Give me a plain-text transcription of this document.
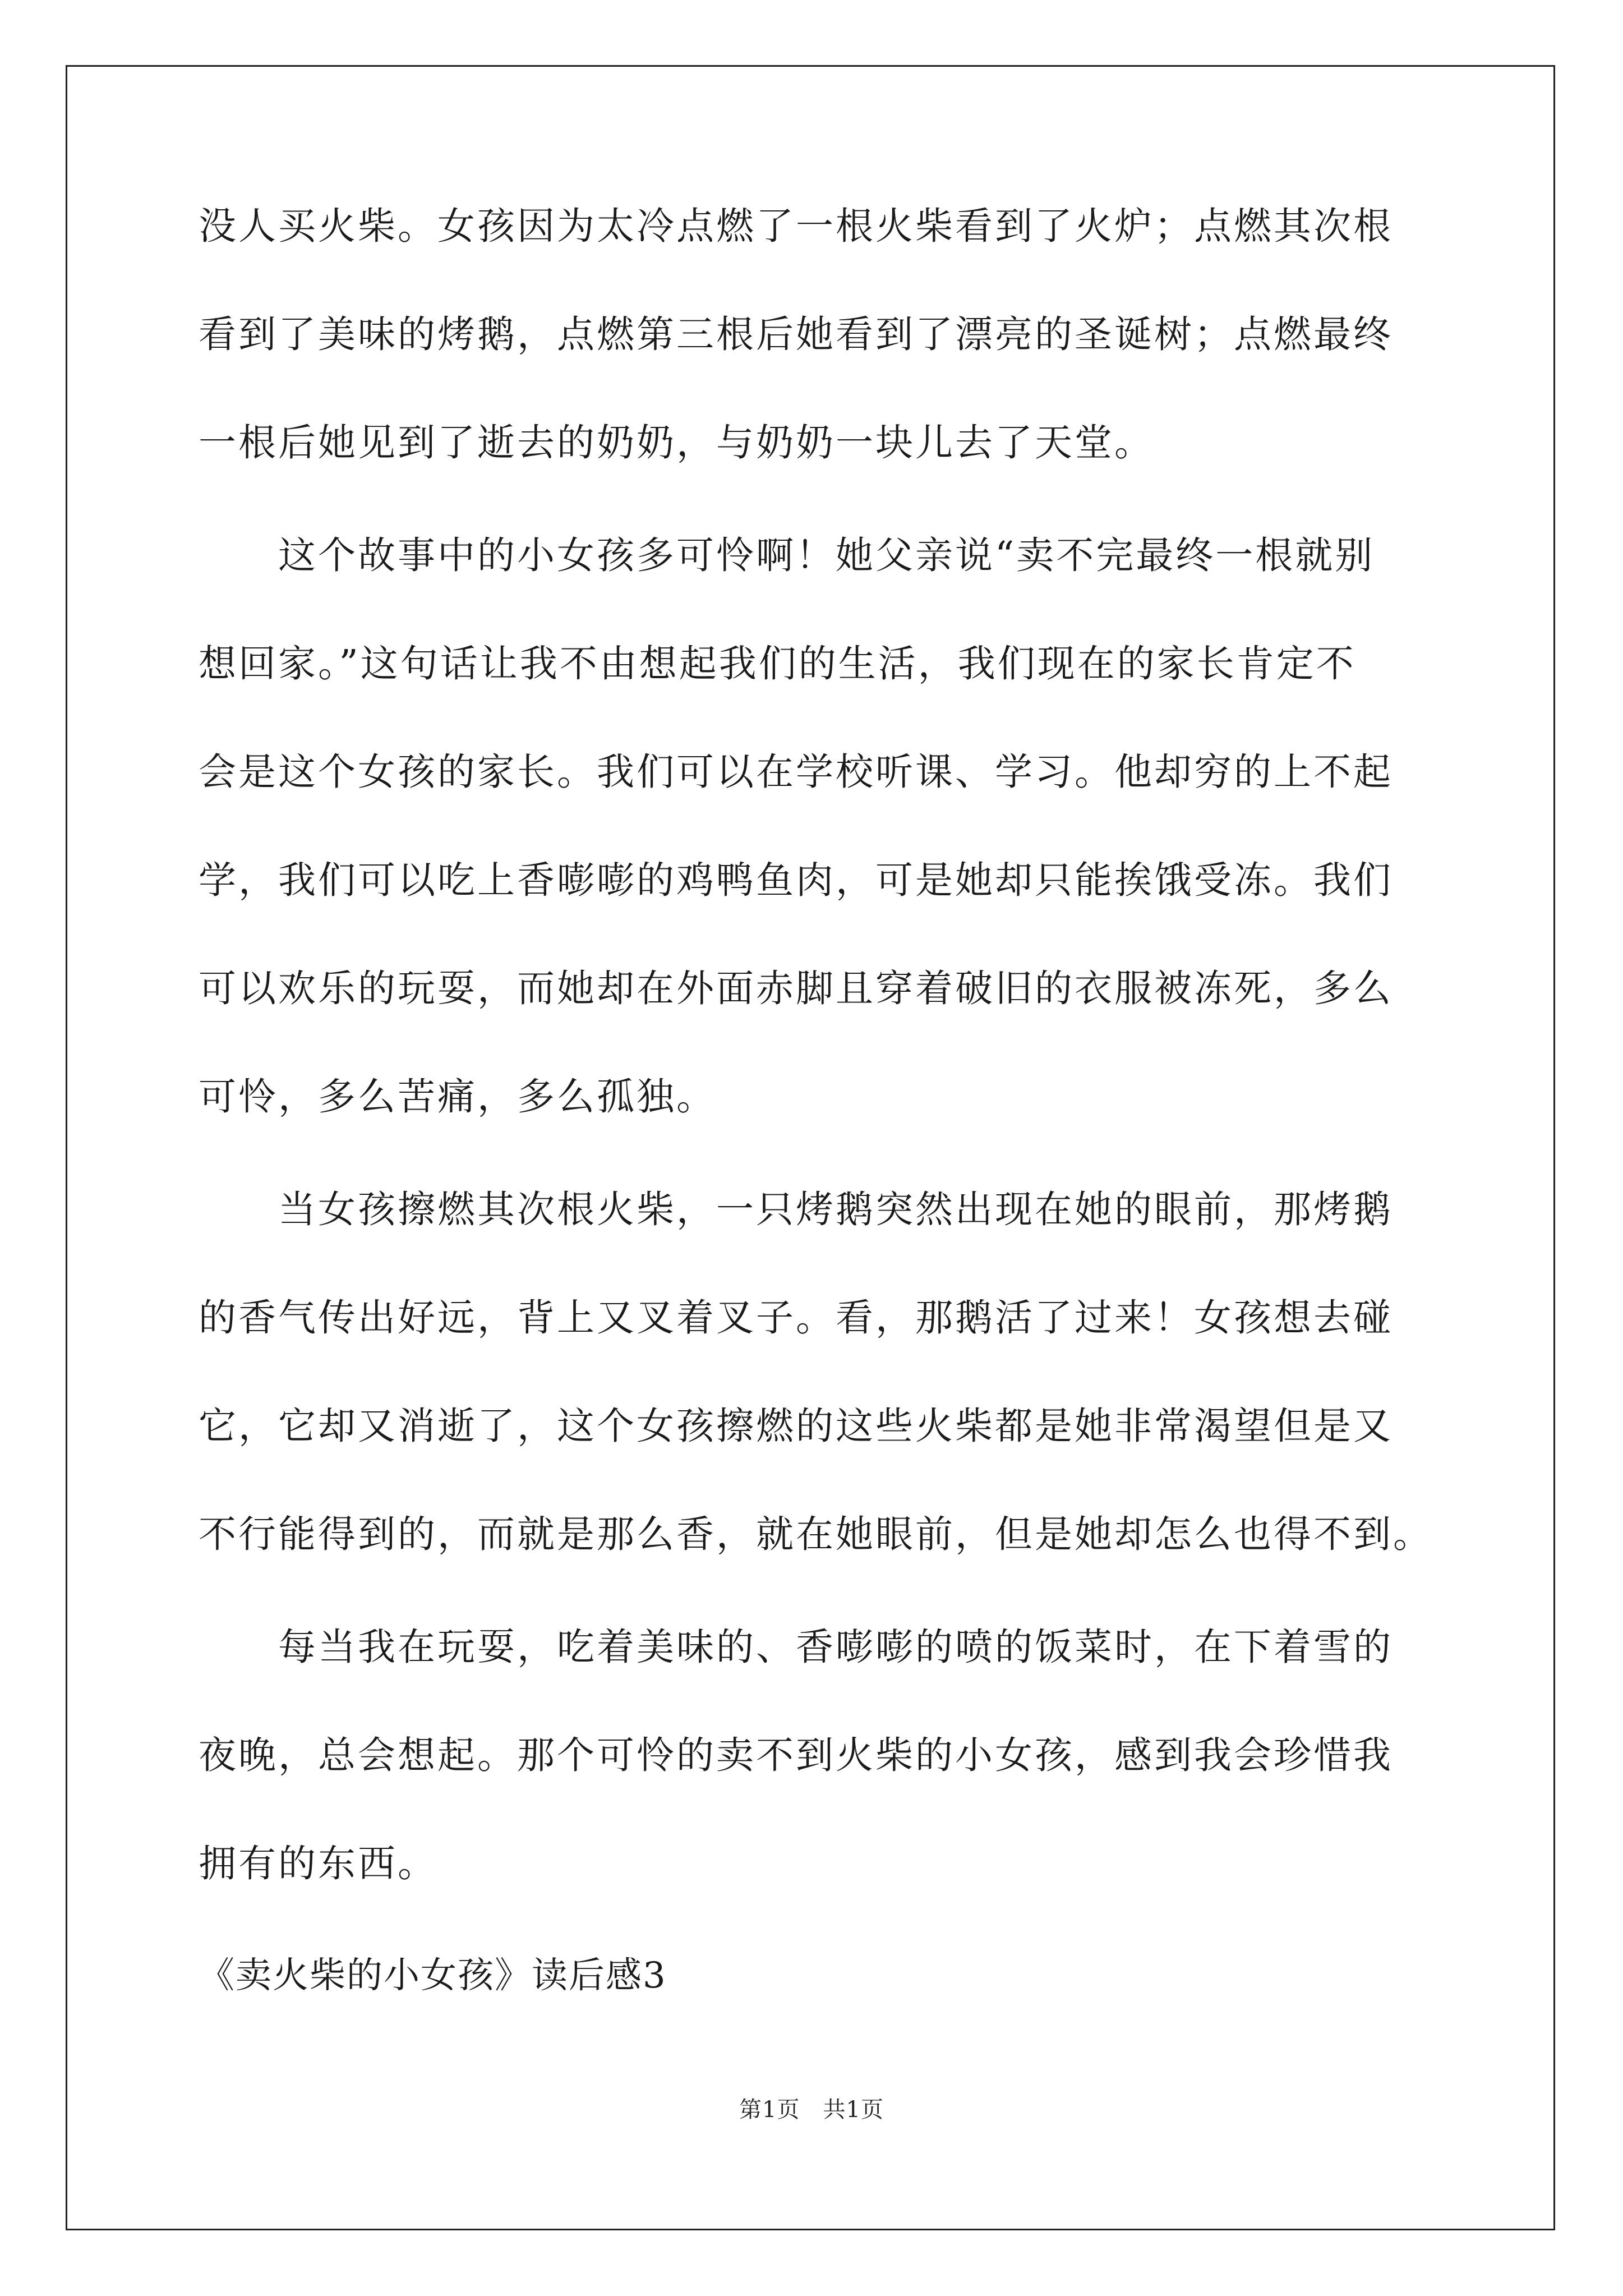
没人买火柴。女孩因为太冷点燃了一根火柴看到了火炉；点燃其次根
看到了美味的烤鹅，点燃第三根后她看到了漂亮的圣诞树；点燃最终
一根后她见到了逝去的奶奶，与奶奶一块儿去了天堂。
　　这个故事中的小女孩多可怜啊！她父亲说“卖不完最终一根就别
想回家。”这句话让我不由想起我们的生活，我们现在的家长肯定不
会是这个女孩的家长。我们可以在学校听课、学习。他却穷的上不起
学，我们可以吃上香嘭嘭的鸡鸭鱼肉，可是她却只能挨饿受冻。我们
可以欢乐的玩耍，而她却在外面赤脚且穿着破旧的衣服被冻死，多么
可怜，多么苦痛，多么孤独。
　　当女孩擦燃其次根火柴，一只烤鹅突然出现在她的眼前，那烤鹅
的香气传出好远，背上又叉着叉子。看，那鹅活了过来！女孩想去碰
它，它却又消逝了，这个女孩擦燃的这些火柴都是她非常渴望但是又
不行能得到的，而就是那么香，就在她眼前，但是她却怎么也得不到。
　　每当我在玩耍，吃着美味的、香嘭嘭的喷的饭菜时，在下着雪的
夜晚，总会想起。那个可怜的卖不到火柴的小女孩，感到我会珍惜我
拥有的东西。
《卖火柴的小女孩》读后感3
第1页　共1页
